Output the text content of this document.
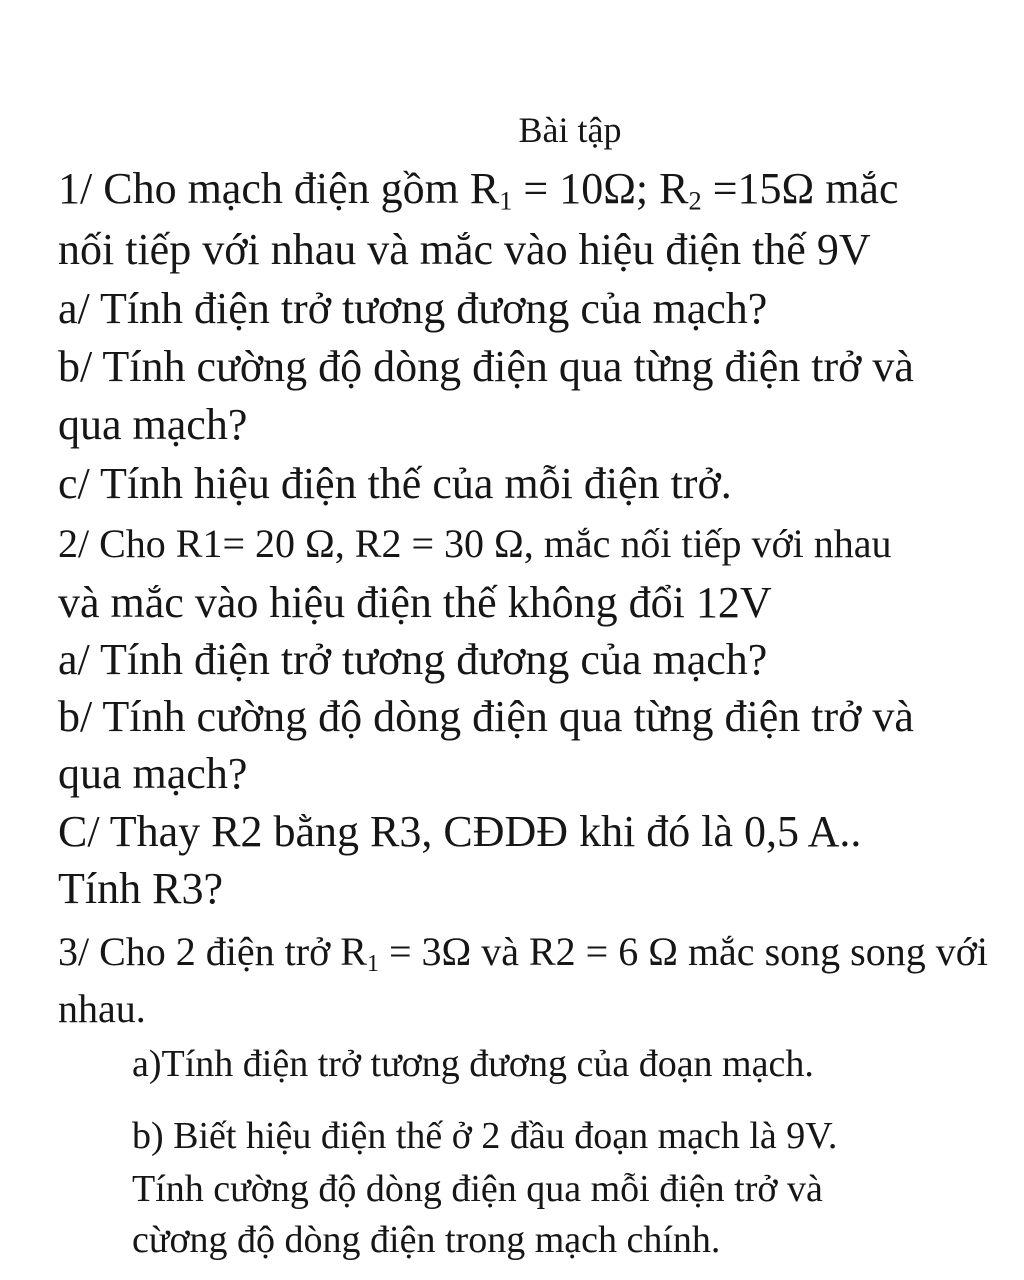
Bài tập
1/ Cho mạch điện gồm $R_1 = 10\Omega$; $R_2 =15\Omega$ mắc
nối tiếp với nhau và mắc vào hiệu điện thế 9V
a/ Tính điện trở tương đương của mạch?
b/ Tính cường độ dòng điện qua từng điện trở và
qua mạch?
c/ Tính hiệu điện thế của mỗi điện trở.
2/ Cho R1= 20 Ω, R2 = 30 Ω, mắc nối tiếp với nhau
và mắc vào hiệu điện thế không đổi 12V
a/ Tính điện trở tương đương của mạch?
b/ Tính cường độ dòng điện qua từng điện trở và
qua mạch?
C/ Thay R2 bằng R3, CĐDĐ khi đó là 0,5 A..
Tính R3?
3/ Cho 2 điện trở $R_1 = 3\Omega$ và R2 = 6 Ω mắc song song với
nhau.
a)Tính điện trở tương đương của đoạn mạch.
b) Biết hiệu điện thế ở 2 đầu đoạn mạch là 9V.
Tính cường độ dòng điện qua mỗi điện trở và
cừơng độ dòng điện trong mạch chính.
